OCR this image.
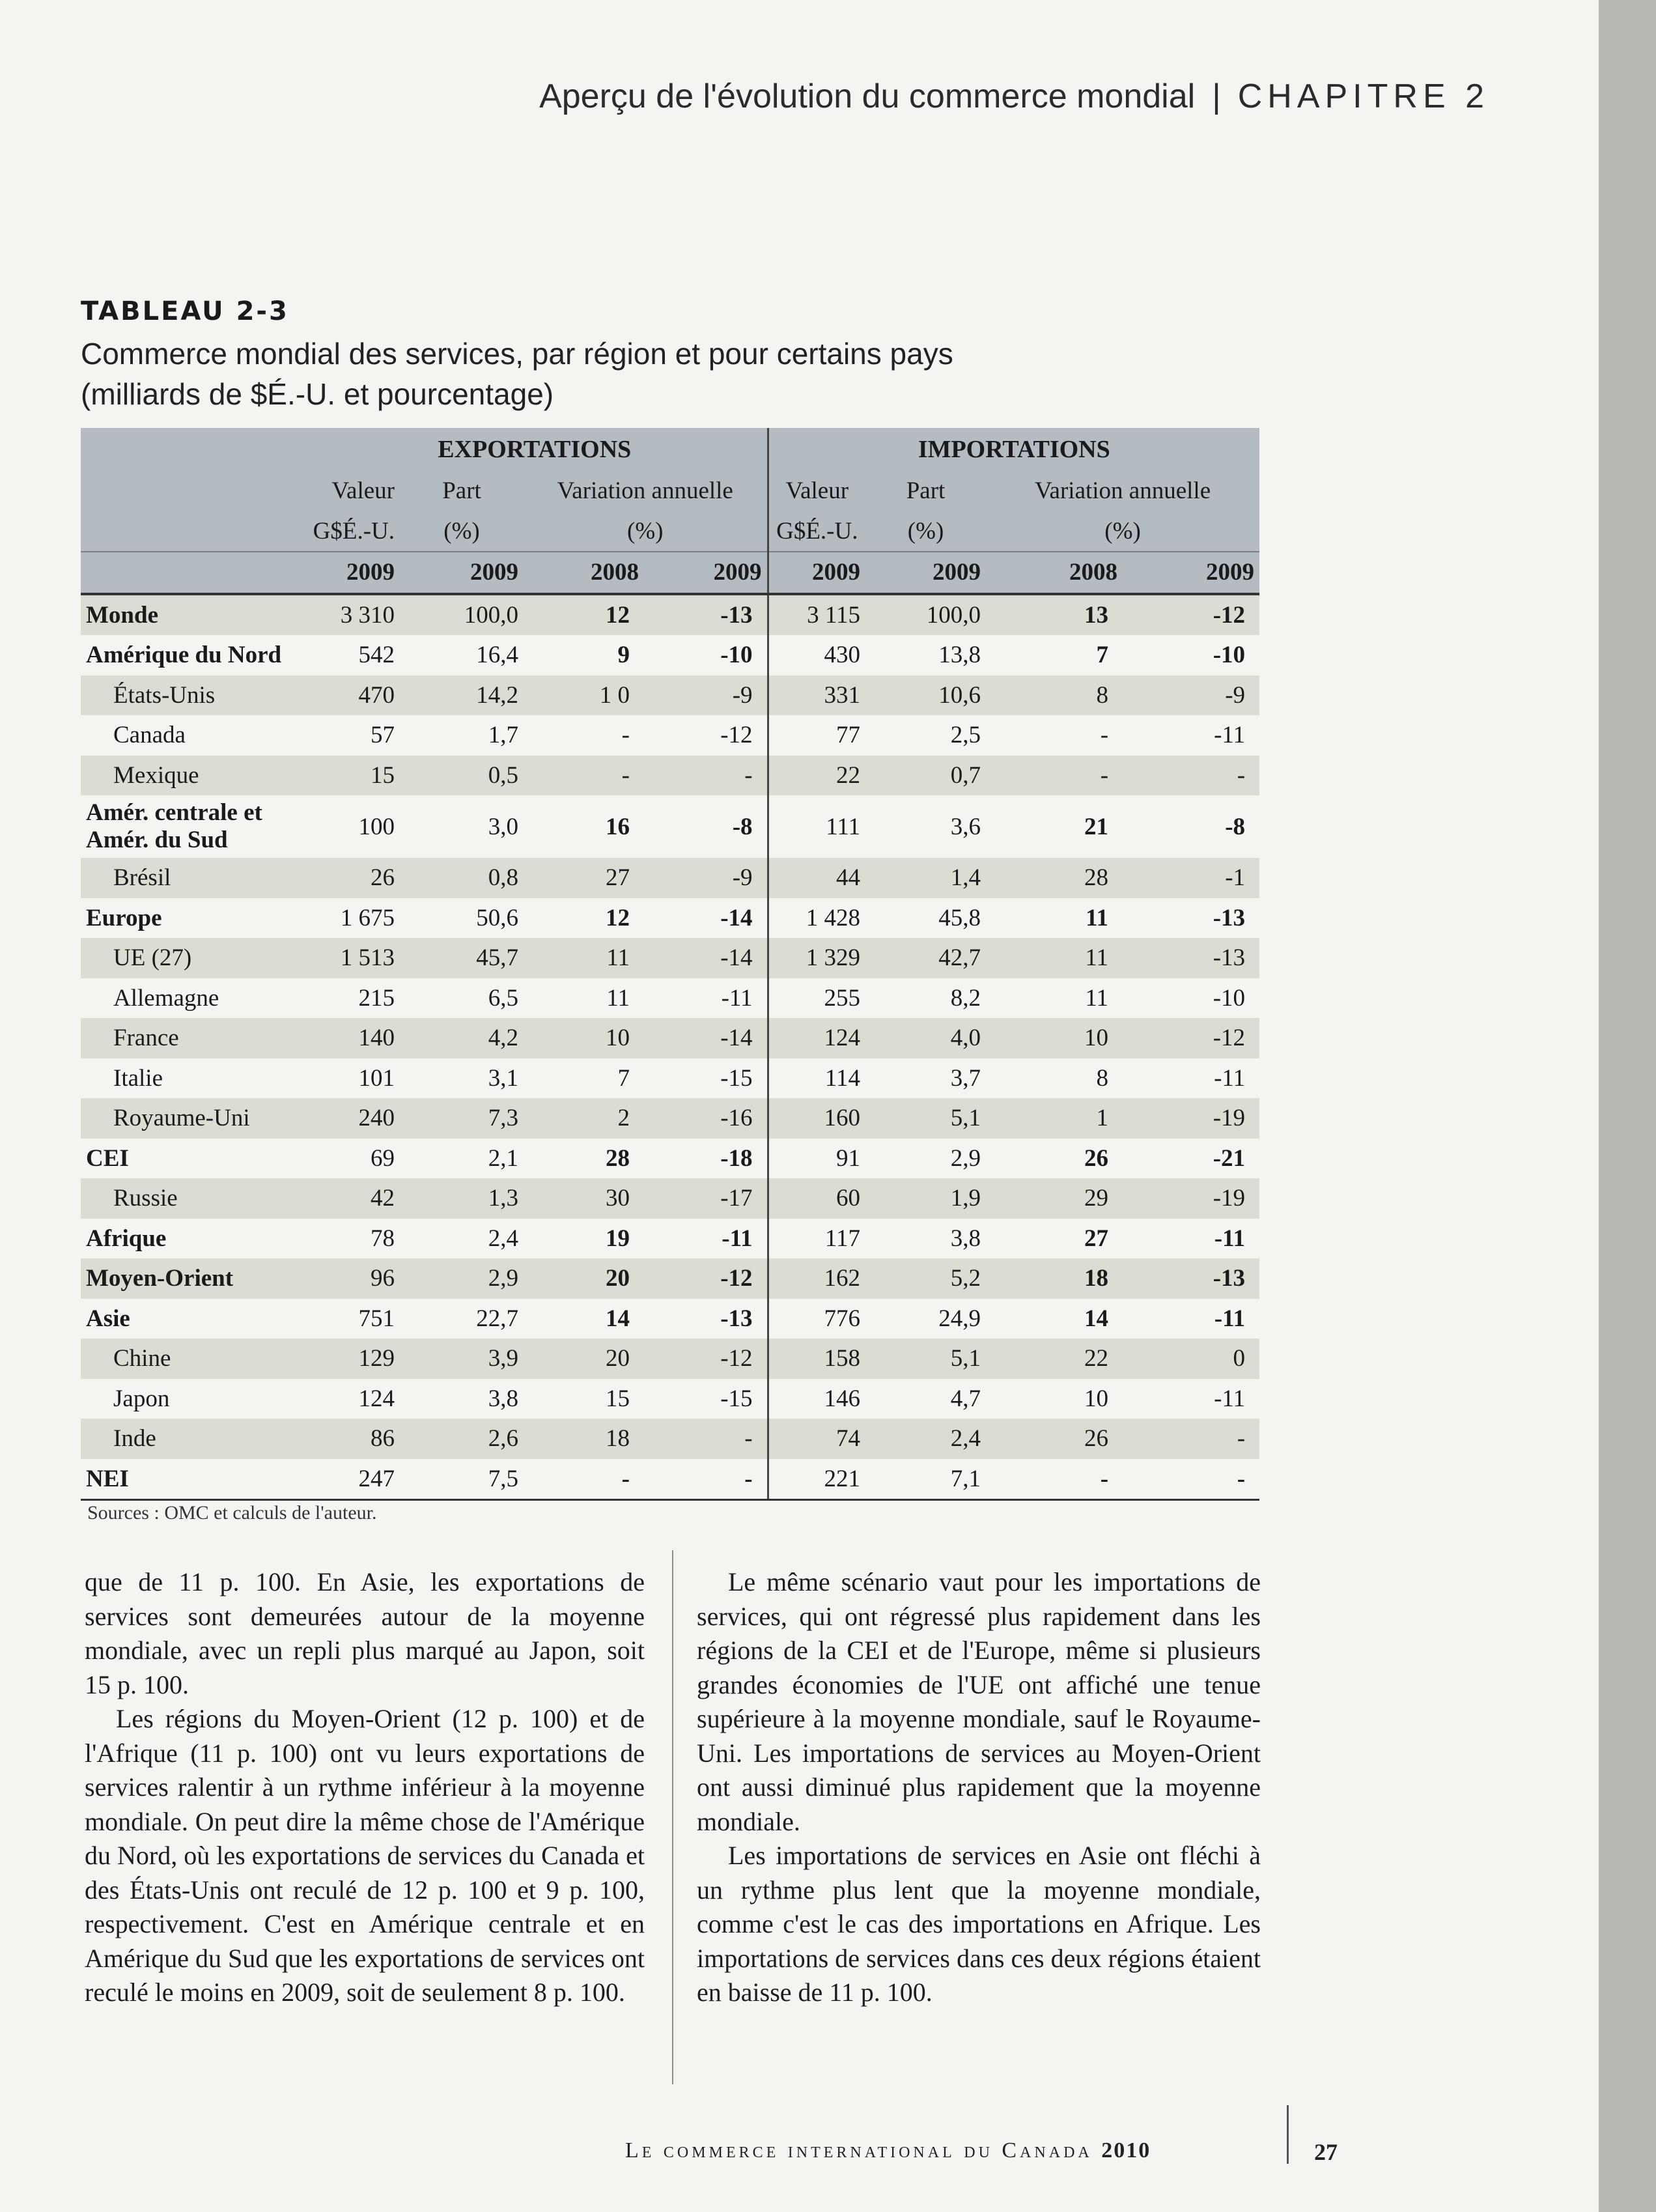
Aperçu de l'évolution du commerce mondial | CHAPITRE 2
TABLEAU 2-3
Commerce mondial des services, par région et pour certains pays
(milliards de $É.-U. et pourcentage)
	EXPORTATIONS				IMPORTATIONS			
	Valeur	Part	Variation annuelle		Valeur	Part	Variation annuelle	
	G$É.-U.	(%)	(%)		G$É.-U.	(%)	(%)	
	2009	2009	2008	2009	2009	2009	2008	2009
Monde	3 310	100,0	12	-13	3 115	100,0	13	-12
Amérique du Nord	542	16,4	9	-10	430	13,8	7	-10
États-Unis	470	14,2	1 0	-9	331	10,6	8	-9
Canada	57	1,7	-	-12	77	2,5	-	-11
Mexique	15	0,5	-	-	22	0,7	-	-
Amér. centrale et
Amér. du Sud	100	3,0	16	-8	111	3,6	21	-8
Brésil	26	0,8	27	-9	44	1,4	28	-1
Europe	1 675	50,6	12	-14	1 428	45,8	11	-13
UE (27)	1 513	45,7	11	-14	1 329	42,7	11	-13
Allemagne	215	6,5	11	-11	255	8,2	11	-10
France	140	4,2	10	-14	124	4,0	10	-12
Italie	101	3,1	7	-15	114	3,7	8	-11
Royaume-Uni	240	7,3	2	-16	160	5,1	1	-19
CEI	69	2,1	28	-18	91	2,9	26	-21
Russie	42	1,3	30	-17	60	1,9	29	-19
Afrique	78	2,4	19	-11	117	3,8	27	-11
Moyen-Orient	96	2,9	20	-12	162	5,2	18	-13
Asie	751	22,7	14	-13	776	24,9	14	-11
Chine	129	3,9	20	-12	158	5,1	22	0
Japon	124	3,8	15	-15	146	4,7	10	-11
Inde	86	2,6	18	-	74	2,4	26	-
NEI	247	7,5	-	-	221	7,1	-	-
Sources : OMC et calculs de l'auteur.

que de 11 p. 100. En Asie, les exportations de services sont demeurées autour de la moyenne mondiale, avec un repli plus marqué au Japon, soit 15 p. 100.

Les régions du Moyen-Orient (12 p. 100) et de l'Afrique (11 p. 100) ont vu leurs exportations de services ralentir à un rythme inférieur à la moyenne mondiale. On peut dire la même chose de l'Amérique du Nord, où les exportations de services du Canada et des États-Unis ont reculé de 12 p. 100 et 9 p. 100, respectivement. C'est en Amérique centrale et en Amérique du Sud que les exportations de services ont reculé le moins en 2009, soit de seulement 8 p. 100.

Le même scénario vaut pour les importations de services, qui ont régressé plus rapidement dans les régions de la CEI et de l'Europe, même si plusieurs grandes économies de l'UE ont affiché une tenue supérieure à la moyenne mondiale, sauf le Royaume-Uni. Les importations de services au Moyen-Orient ont aussi diminué plus rapidement que la moyenne mondiale.

Les importations de services en Asie ont fléchi à un rythme plus lent que la moyenne mondiale, comme c'est le cas des importations en Afrique. Les importations de services dans ces deux régions étaient en baisse de 11 p. 100.

Le commerce international du Canada 2010	27
